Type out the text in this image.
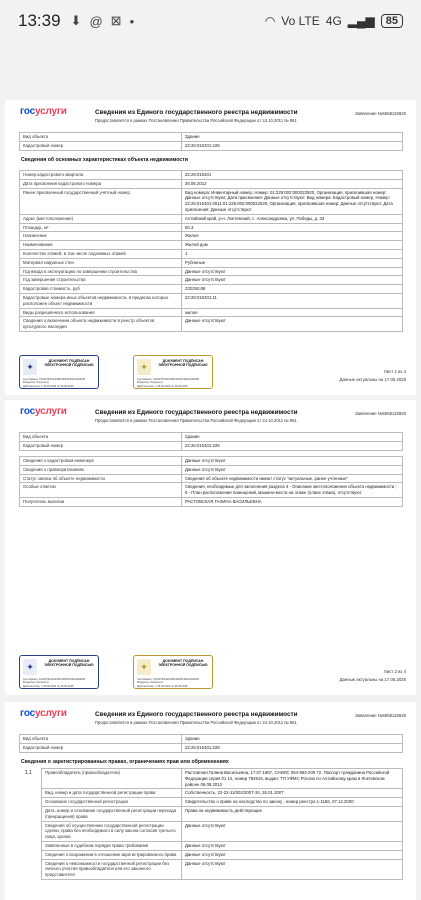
13:39 ⬇ @ ⊠ •	◠ Vo LTE 4G ▂▄▆	85
госуслуги	Сведения из Единого государственного реестра недвижимости
Предоставляется в рамках Постановления Правительства Российской Федерации от 24.10.2011 № 861
Заявление №5558115925
Вид объекта	Здание
Кадастровый номер	22:26:010401:228
Сведения об основных характеристиках объекта недвижимости
Номер кадастрового квартала	22:26:010401
Дата присвоения кадастрового номера	26.06.2012
Ранее присвоенный государственный учётный номер	Вид номера: Инвентарный номер, Номер: 01:225:002:000022520, Организация, присвоившая номер: Данные отсутствуют, Дата присвоения: Данные отсутствуют. Вид номера: Кадастровый номер, Номер: 22:26:010401:0011:01:225:002:000022520, Организация, присвоившая номер: Данные отсутствуют, Дата присвоения: Данные отсутствуют
Адрес (местоположение)	Алтайский край, р-н. Локтевский, с. Александровка, ул. Победы, д. 33
Площадь, м²	60.3
Назначение	Жилое
Наименование	Жилой дом
Количество этажей, в том числе подземных этажей	1
Материал наружных стен	Рубленые
Год ввода в эксплуатацию по завершении строительства	Данные отсутствуют
Год завершения строительства	Данные отсутствуют
Кадастровая стоимость, руб	232250.88
Кадастровые номера иных объектов недвижимости, в пределах которых расположен объект недвижимости	22:26:010401:11
Виды разрешённого использования	жилое
Сведения о включении объекта недвижимости в реестр объектов культурного наследия	Данные отсутствуют
✦
ДОКУМЕНТ ПОДПИСАН ЭЛЕКТРОННОЙ ПОДПИСЬЮ
Сертификат: 1002075cb5e4d55cb8e5fc3fdb1d2a5d5
Владелец: Росреестр
Действителен: с 25.09.2024 по 25.09.2025
✦
ДОКУМЕНТ ПОДПИСАН ЭЛЕКТРОННОЙ ПОДПИСЬЮ
Сертификат: 1002075cb5e4d55cb8e5fc3fdb1d2a5d5
Владелец: Росреестр
Действителен: с 25.09.2024 по 25.09.2025
Лист 1 из 4
Данные актуальны на 17.05.2025
госуслуги	Сведения из Единого государственного реестра недвижимости
Предоставляется в рамках Постановления Правительства Российской Федерации от 24.10.2011 № 861
Заявление №5558115925
Вид объекта	Здание
Кадастровый номер	22:26:010401:228
Сведения о кадастровом инженере	Данные отсутствуют
Сведения о правопритязаниях	Данные отсутствуют
Статус записи об объекте недвижимости	Сведения об объекте недвижимости имеют статус "актуальные, ранее учтенные"
Особые отметки	Сведения, необходимые для заполнения раздела 4 - Описание местоположения объекта недвижимости ; 5 - План расположения помещений, машино-места на этаже (плане этажа), отсутствуют.
Получатель выписки	РАСТОВСКАЯ ГАЛИНА ВАСИЛЬЕВНА
✦
ДОКУМЕНТ ПОДПИСАН ЭЛЕКТРОННОЙ ПОДПИСЬЮ
Сертификат: 1002075cb5e4d55cb8e5fc3fdb1d2a5d5
Владелец: Росреестр
Действителен: с 25.09.2024 по 25.09.2025
✦
ДОКУМЕНТ ПОДПИСАН ЭЛЕКТРОННОЙ ПОДПИСЬЮ
Сертификат: 1002075cb5e4d55cb8e5fc3fdb1d2a5d5
Владелец: Росреестр
Действителен: с 25.09.2024 по 25.09.2025
Лист 2 из 4
Данные актуальны на 17.05.2025
госуслуги	Сведения из Единого государственного реестра недвижимости
Предоставляется в рамках Постановления Правительства Российской Федерации от 24.10.2011 № 861
Заявление №5558115925
Вид объекта	Здание
Кадастровый номер	22:26:010401:228
Сведения о зарегистрированных правах, ограничениях прав или обременениях
1.1	Правообладатель (правообладатели)	Растовская Галина Васильевна, 17.07.1967, СНИЛС 054-863-209 72. Паспорт гражданина Российской Федерации серия 01 12, номер 784915, выдан: ТП УФМС России по Алтайскому краю в Локтевском районе 06.08.2012
Вид, номер и дата государственной регистрации права	Собственность, 22-22-11/002/2007-34, 26.01.2007
Основание государственной регистрации	Свидетельство о праве на наследство по закону , номер реестра 1-1186, 07.12.2000
Дата, номер и основание государственной регистрации перехода (прекращения) права	Права на недвижимость действующие
Сведения об осуществлении государственной регистрации сделки, права без необходимого в силу закона согласия третьего лица, органа	Данные отсутствуют
Заявленные в судебном порядке права требования	Данные отсутствуют
Сведения о возражении в отношении зарегистрированного права	Данные отсутствуют
Сведения о невозможности государственной регистрации без личного участия правообладателя или его законного представителя	Данные отсутствуют
